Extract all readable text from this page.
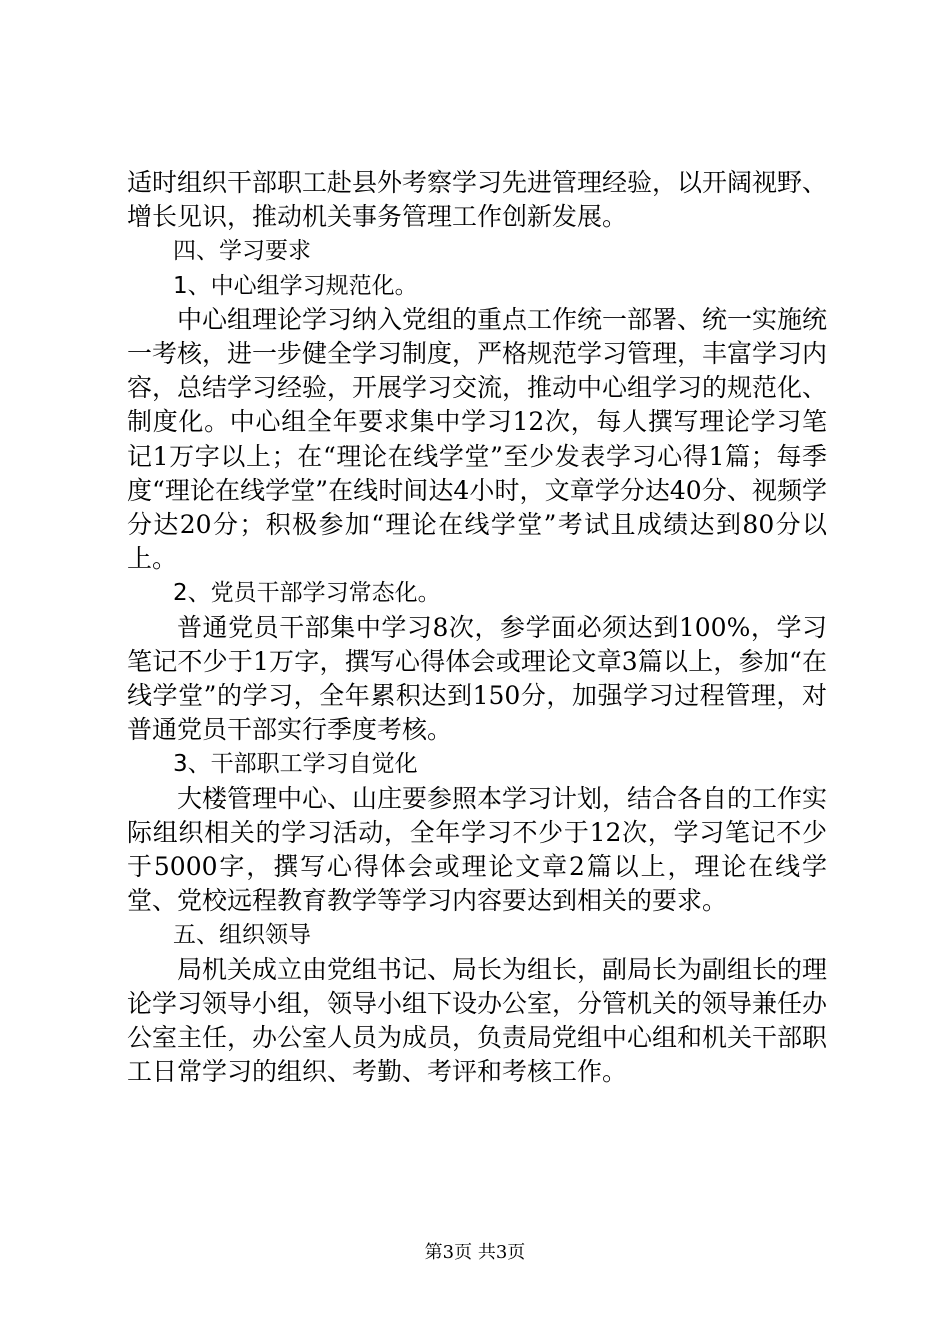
适时组织干部职工赴县外考察学习先进管理经验，以开阔视野、增长见识，推动机关事务管理工作创新发展。

四、学习要求

1、中心组学习规范化。

中心组理论学习纳入党组的重点工作统一部署、统一实施统一考核，进一步健全学习制度，严格规范学习管理，丰富学习内容，总结学习经验，开展学习交流，推动中心组学习的规范化、制度化。中心组全年要求集中学习12次，每人撰写理论学习笔记1万字以上；在“理论在线学堂”至少发表学习心得1篇；每季度“理论在线学堂”在线时间达4小时，文章学分达40分、视频学分达20分；积极参加“理论在线学堂”考试且成绩达到80分以上。

2、党员干部学习常态化。

普通党员干部集中学习8次，参学面必须达到100%，学习笔记不少于1万字，撰写心得体会或理论文章3篇以上，参加“在线学堂”的学习，全年累积达到150分，加强学习过程管理，对普通党员干部实行季度考核。

3、干部职工学习自觉化

大楼管理中心、山庄要参照本学习计划，结合各自的工作实际组织相关的学习活动，全年学习不少于12次，学习笔记不少于5000字，撰写心得体会或理论文章2篇以上，理论在线学堂、党校远程教育教学等学习内容要达到相关的要求。

五、组织领导

局机关成立由党组书记、局长为组长，副局长为副组长的理论学习领导小组，领导小组下设办公室，分管机关的领导兼任办公室主任，办公室人员为成员，负责局党组中心组和机关干部职工日常学习的组织、考勤、考评和考核工作。

第3页 共3页
